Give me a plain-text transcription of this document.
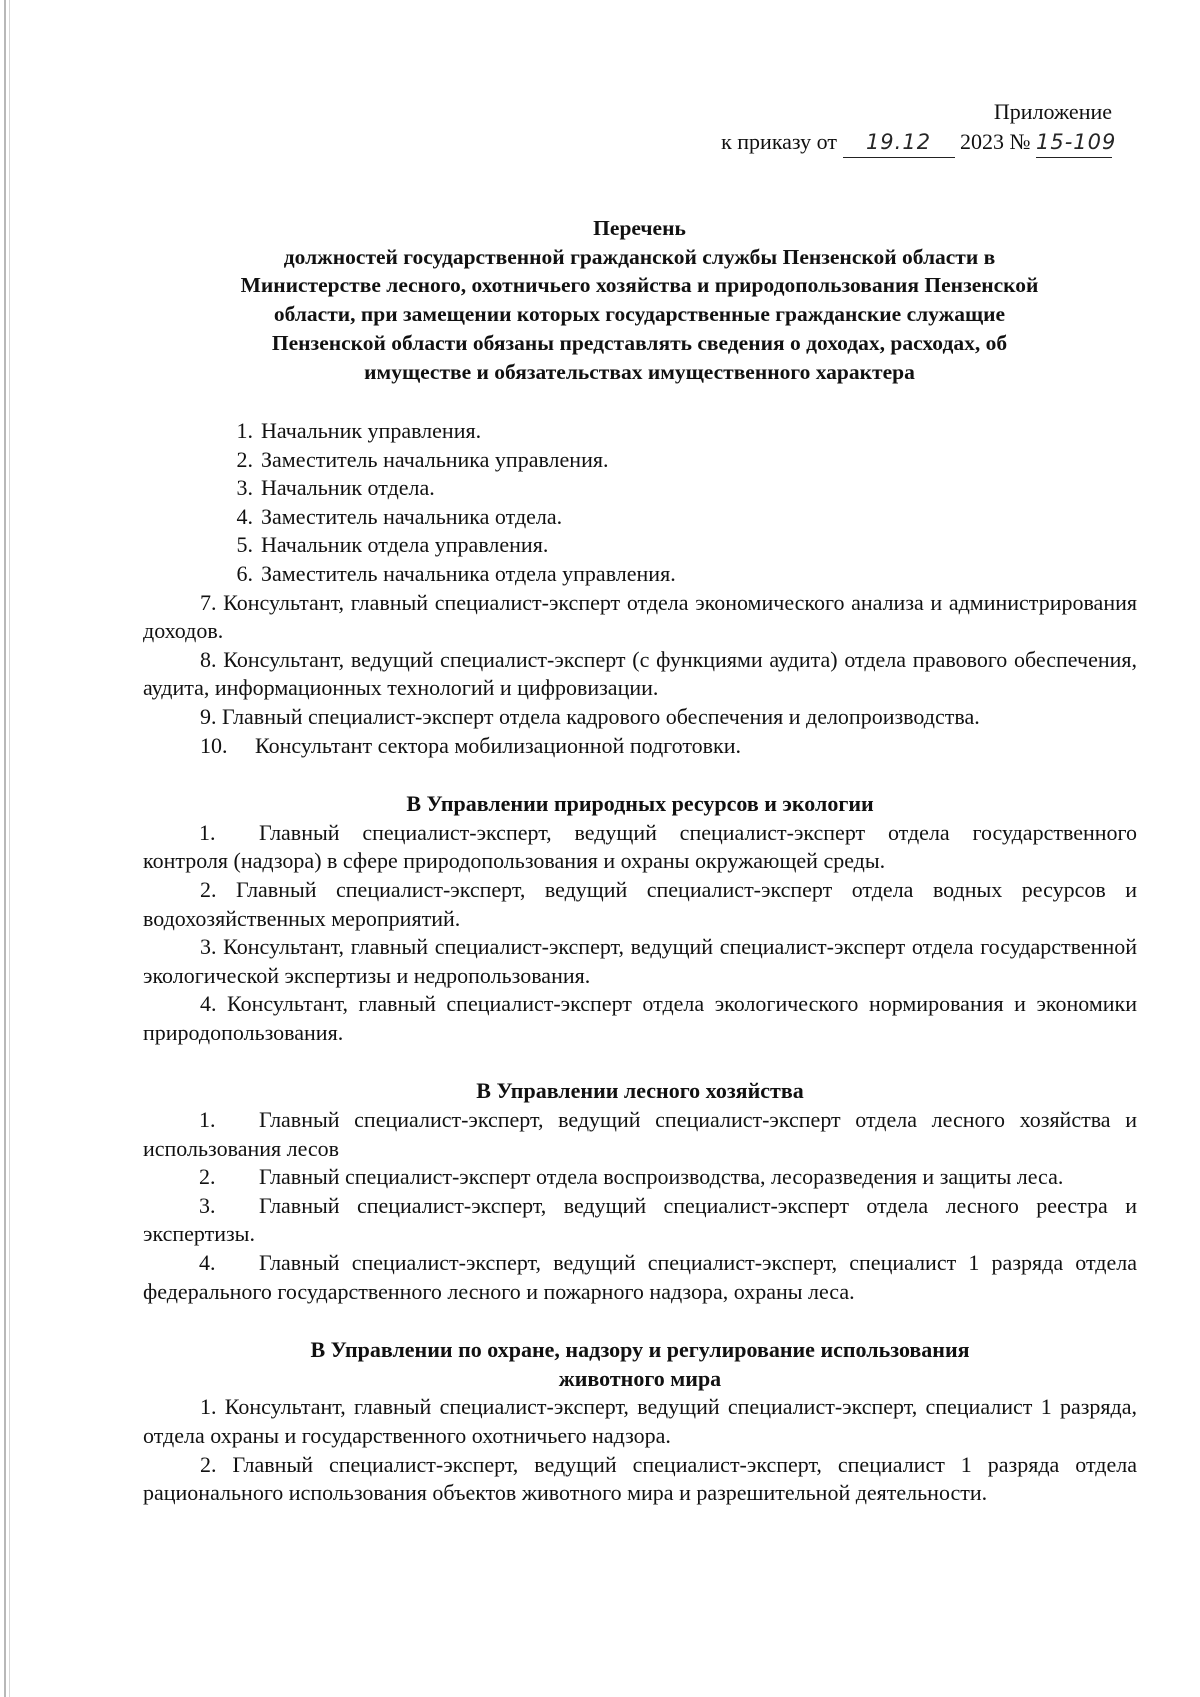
Приложение
к приказу от 19.12 2023 № 15-109
Перечень
должностей государственной гражданской службы Пензенской области в
Министерстве лесного, охотничьего хозяйства и природопользования Пензенской
области, при замещении которых государственные гражданские служащие
Пензенской области обязаны представлять сведения о доходах, расходах, об
имуществе и обязательствах имущественного характера
1. Начальник управления.
2. Заместитель начальника управления.
3. Начальник отдела.
4. Заместитель начальника отдела.
5. Начальник отдела управления.
6. Заместитель начальника отдела управления.
7. Консультант, главный специалист-эксперт отдела экономического анализа и администрирования доходов.
8. Консультант, ведущий специалист-эксперт (с функциями аудита) отдела правового обеспечения, аудита, информационных технологий и цифровизации.
9. Главный специалист-эксперт отдела кадрового обеспечения и делопроизводства.
10. Консультант сектора мобилизационной подготовки.
В Управлении природных ресурсов и экологии
1. Главный специалист-эксперт, ведущий специалист-эксперт отдела государственного контроля (надзора) в сфере природопользования и охраны окружающей среды.
2. Главный специалист-эксперт, ведущий специалист-эксперт отдела водных ресурсов и водохозяйственных мероприятий.
3. Консультант, главный специалист-эксперт, ведущий специалист-эксперт отдела государственной экологической экспертизы и недропользования.
4. Консультант, главный специалист-эксперт отдела экологического нормирования и экономики природопользования.
В Управлении лесного хозяйства
1. Главный специалист-эксперт, ведущий специалист-эксперт отдела лесного хозяйства и использования лесов
2. Главный специалист-эксперт отдела воспроизводства, лесоразведения и защиты леса.
3. Главный специалист-эксперт, ведущий специалист-эксперт отдела лесного реестра и экспертизы.
4. Главный специалист-эксперт, ведущий специалист-эксперт, специалист 1 разряда отдела федерального государственного лесного и пожарного надзора, охраны леса.
В Управлении по охране, надзору и регулирование использования
животного мира
1. Консультант, главный специалист-эксперт, ведущий специалист-эксперт, специалист 1 разряда, отдела охраны и государственного охотничьего надзора.
2. Главный специалист-эксперт, ведущий специалист-эксперт, специалист 1 разряда отдела рационального использования объектов животного мира и разрешительной деятельности.
